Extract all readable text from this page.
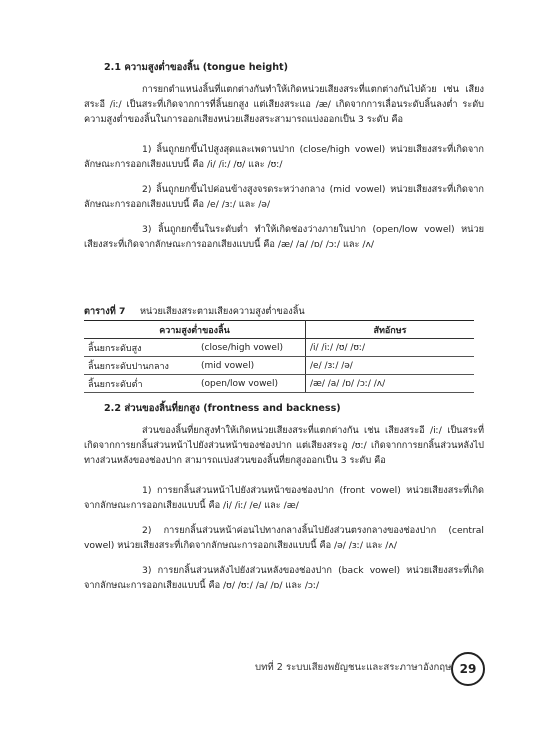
2.1 ความสูงต่ำของลิ้น (tongue height)
การยกตำแหน่งลิ้นที่แตกต่างกันทำให้เกิดหน่วยเสียงสระที่แตกต่างกันไปด้วย เช่น เสียงสระอี /iː/ เป็นสระที่เกิดจากการที่ลิ้นยกสูง แต่เสียงสระแอ /æ/ เกิดจากการเลื่อนระดับลิ้นลงต่ำ ระดับความสูงต่ำของลิ้นในการออกเสียงหน่วยเสียงสระสามารถแบ่งออกเป็น 3 ระดับ คือ
1) ลิ้นถูกยกขึ้นไปสูงสุดและเพดานปาก (close/high vowel) หน่วยเสียงสระที่เกิดจากลักษณะการออกเสียงแบบนี้ คือ /i/ /iː/ /ʊ/ และ /ʊː/
2) ลิ้นถูกยกขึ้นไปค่อนข้างสูงจรดระหว่างกลาง (mid vowel) หน่วยเสียงสระที่เกิดจากลักษณะการออกเสียงแบบนี้ คือ /e/ /ɜː/ และ /ə/
3) ลิ้นถูกยกขึ้นในระดับต่ำ ทำให้เกิดช่องว่างภายในปาก (open/low vowel) หน่วยเสียงสระที่เกิดจากลักษณะการออกเสียงแบบนี้ คือ /æ/ /a/ /ɒ/ /ɔː/ และ /ʌ/
ตารางที่ 7 หน่วยเสียงสระตามเสียงความสูงต่ำของลิ้น
ความสูงต่ำของลิ้น		สัทอักษร
ลิ้นยกระดับสูง	(close/high vowel)	/i/ /iː/ /ʊ/ /ʊː/
ลิ้นยกระดับปานกลาง	(mid vowel)	/e/ /ɜː/ /ə/
ลิ้นยกระดับต่ำ	(open/low vowel)	/æ/ /a/ /ɒ/ /ɔː/ /ʌ/
2.2 ส่วนของลิ้นที่ยกสูง (frontness and backness)
ส่วนของลิ้นที่ยกสูงทำให้เกิดหน่วยเสียงสระที่แตกต่างกัน เช่น เสียงสระอี /iː/ เป็นสระที่เกิดจากการยกลิ้นส่วนหน้าไปยังส่วนหน้าของช่องปาก แต่เสียงสระอู /ʊː/ เกิดจากการยกลิ้นส่วนหลังไปทางส่วนหลังของช่องปาก สามารถแบ่งส่วนของลิ้นที่ยกสูงออกเป็น 3 ระดับ คือ
1) การยกลิ้นส่วนหน้าไปยังส่วนหน้าของช่องปาก (front vowel) หน่วยเสียงสระที่เกิดจากลักษณะการออกเสียงแบบนี้ คือ /i/ /iː/ /e/ และ /æ/
2) การยกลิ้นส่วนหน้าค่อนไปทางกลางลิ้นไปยังส่วนตรงกลางของช่องปาก (central vowel) หน่วยเสียงสระที่เกิดจากลักษณะการออกเสียงแบบนี้ คือ /ə/ /ɜː/ และ /ʌ/
3) การยกลิ้นส่วนหลังไปยังส่วนหลังของช่องปาก (back vowel) หน่วยเสียงสระที่เกิดจากลักษณะการออกเสียงแบบนี้ คือ /ʊ/ /ʊː/ /a/ /ɒ/ และ /ɔː/
บทที่ 2 ระบบเสียงพยัญชนะและสระภาษาอังกฤษ 29
